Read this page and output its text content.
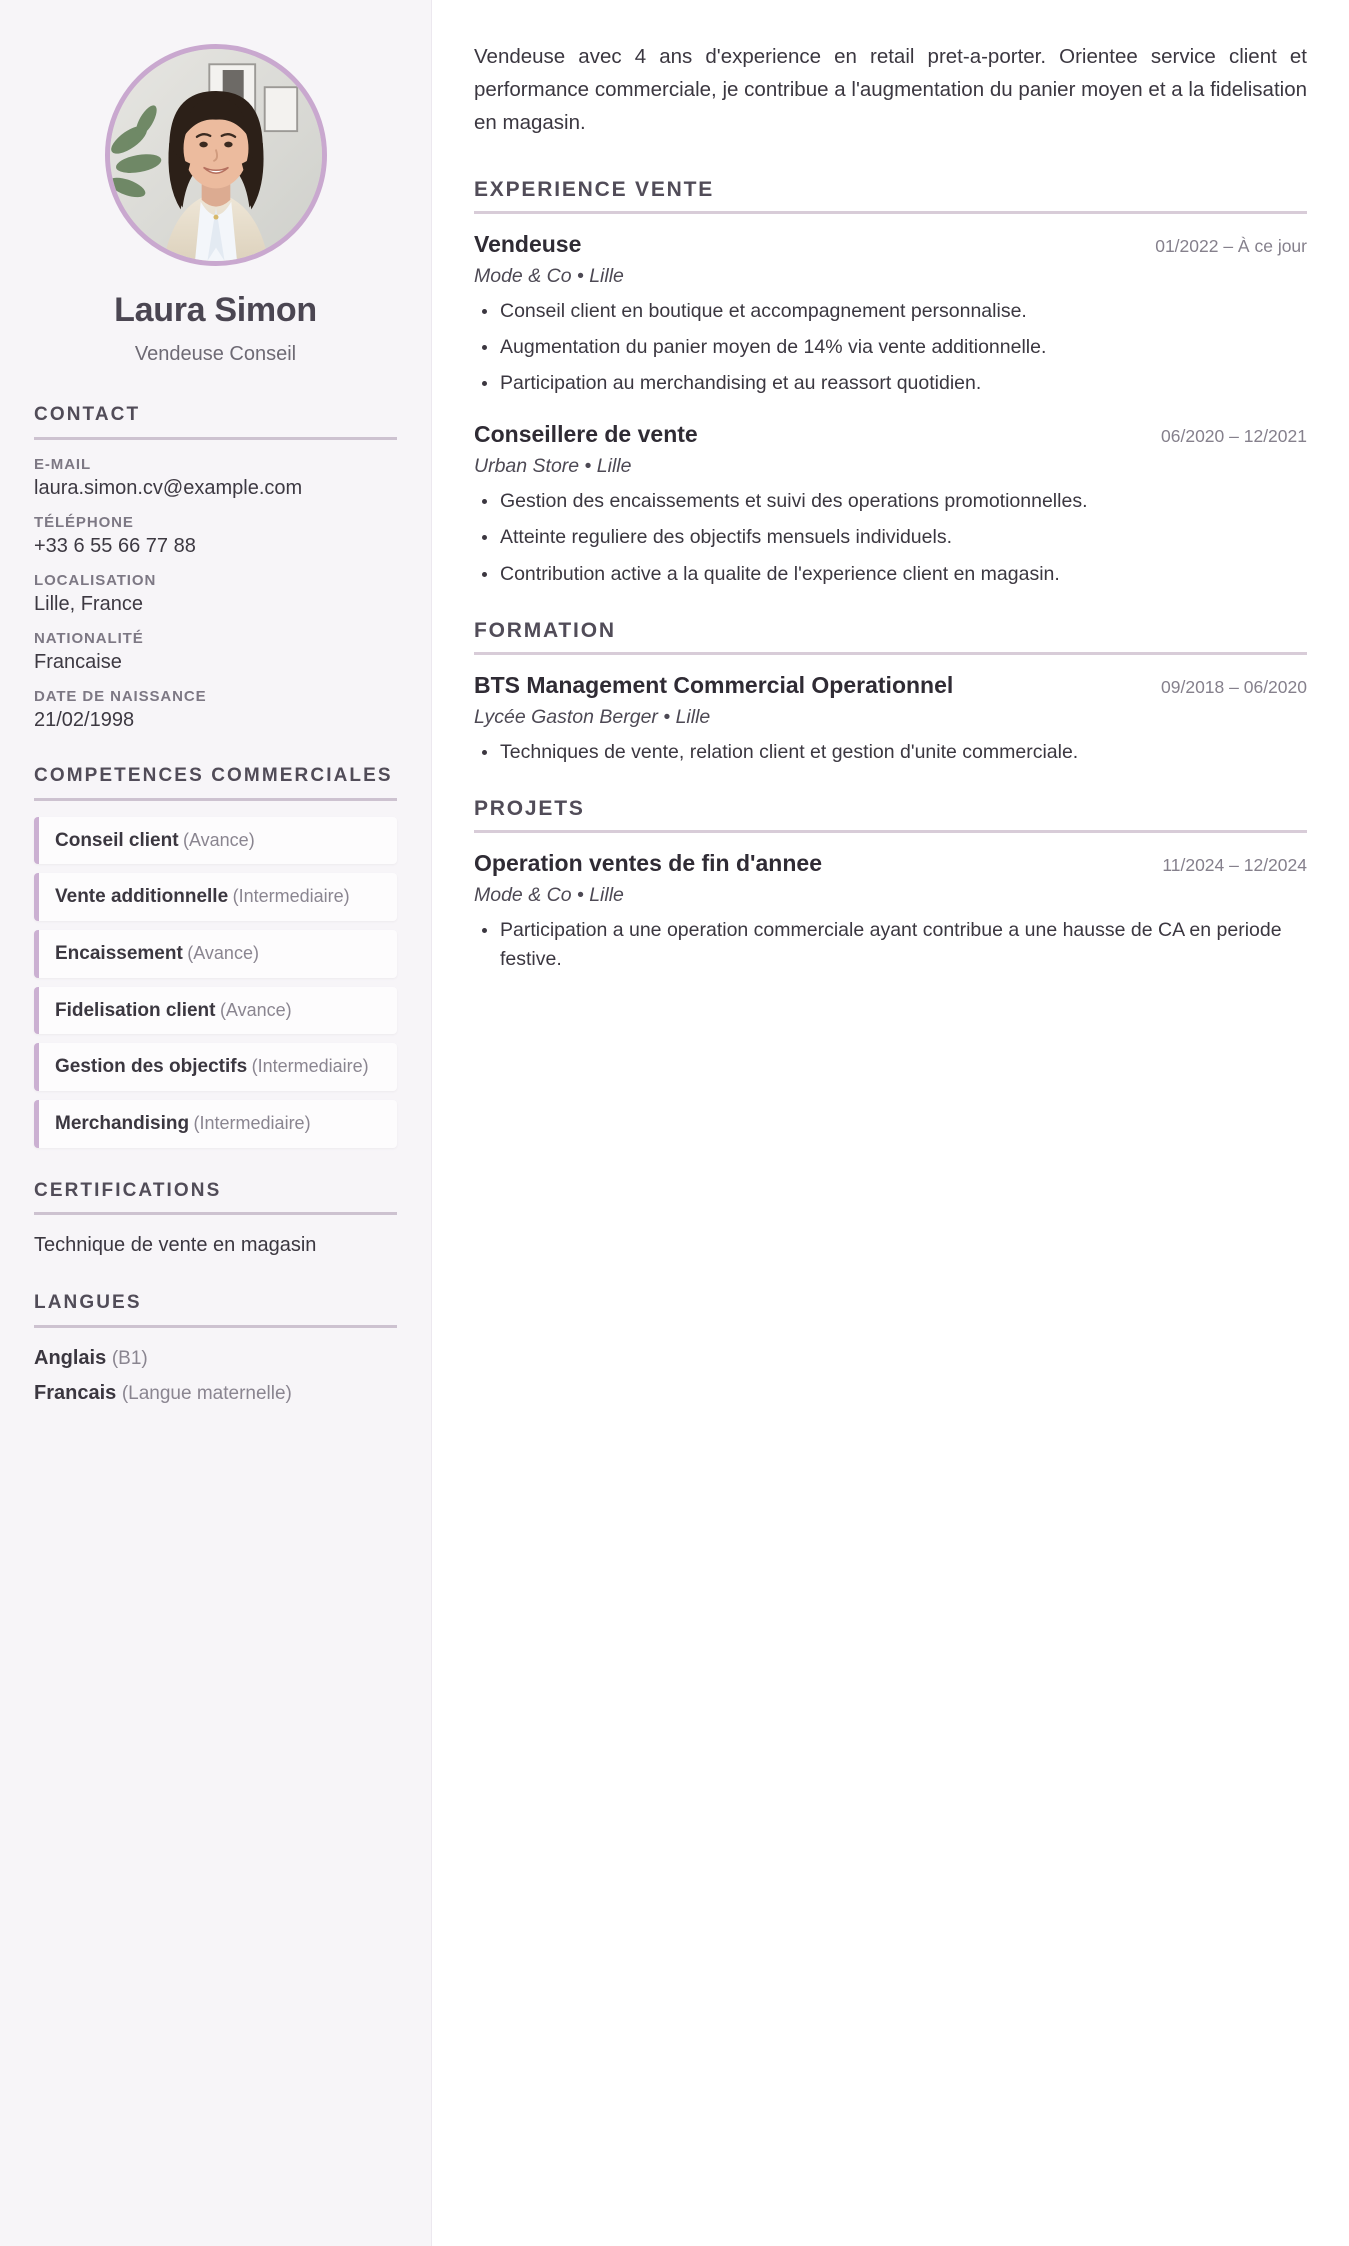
Laura Simon
Vendeuse Conseil
CONTACT
E-MAIL
laura.simon.cv@example.com
TÉLÉPHONE
+33 6 55 66 77 88
LOCALISATION
Lille, France
NATIONALITÉ
Francaise
DATE DE NAISSANCE
21/02/1998
COMPETENCES COMMERCIALES
Conseil client (Avance)
Vente additionnelle (Intermediaire)
Encaissement (Avance)
Fidelisation client (Avance)
Gestion des objectifs (Intermediaire)
Merchandising (Intermediaire)
CERTIFICATIONS
Technique de vente en magasin
LANGUES
Anglais (B1)
Francais (Langue maternelle)

Vendeuse avec 4 ans d'experience en retail pret-a-porter. Orientee service client et performance commerciale, je contribue a l'augmentation du panier moyen et a la fidelisation en magasin.

EXPERIENCE VENTE
Vendeuse	01/2022 – À ce jour
Mode & Co • Lille
Conseil client en boutique et accompagnement personnalise.
Augmentation du panier moyen de 14% via vente additionnelle.
Participation au merchandising et au reassort quotidien.
Conseillere de vente	06/2020 – 12/2021
Urban Store • Lille
Gestion des encaissements et suivi des operations promotionnelles.
Atteinte reguliere des objectifs mensuels individuels.
Contribution active a la qualite de l'experience client en magasin.
FORMATION
BTS Management Commercial Operationnel	09/2018 – 06/2020
Lycée Gaston Berger • Lille
Techniques de vente, relation client et gestion d'unite commerciale.
PROJETS
Operation ventes de fin d'annee	11/2024 – 12/2024
Mode & Co • Lille
Participation a une operation commerciale ayant contribue a une hausse de CA en periode festive.
